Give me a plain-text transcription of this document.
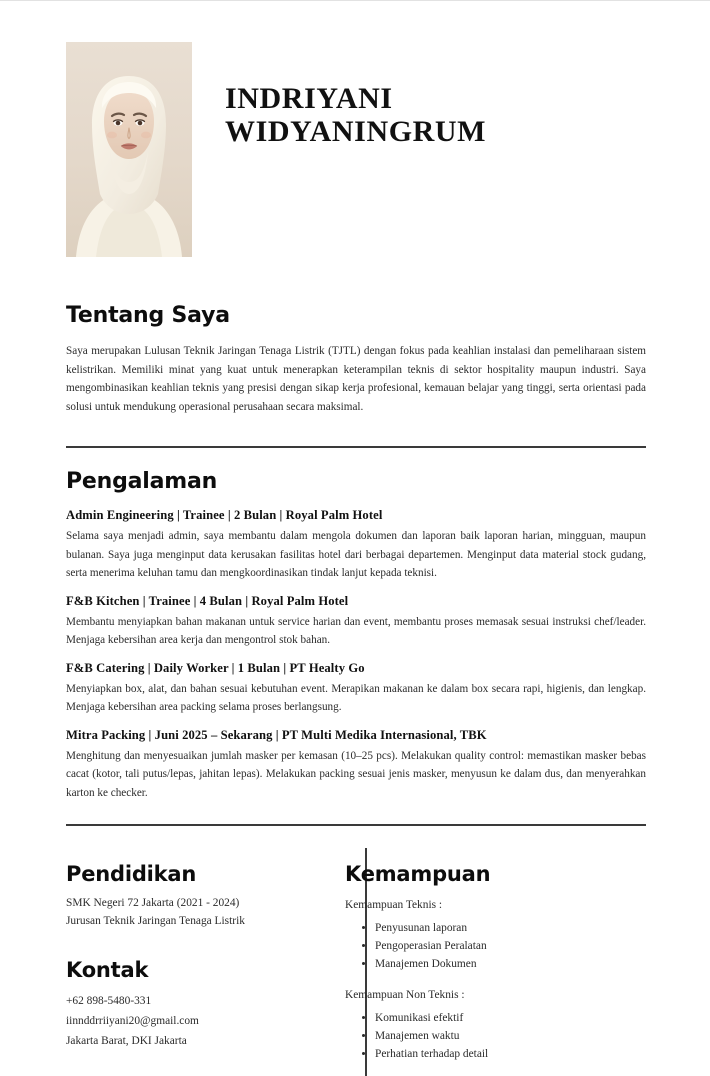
INDRIYANI
WIDYANINGRUM
Tentang Saya

Saya merupakan Lulusan Teknik Jaringan Tenaga Listrik (TJTL) dengan fokus pada keahlian instalasi dan pemeliharaan sistem kelistrikan. Memiliki minat yang kuat untuk menerapkan keterampilan teknis di sektor hospitality maupun industri. Saya mengombinasikan keahlian teknis yang presisi dengan sikap kerja profesional, kemauan belajar yang tinggi, serta orientasi pada solusi untuk mendukung operasional perusahaan secara maksimal.

Pengalaman
Admin Engineering | Trainee | 2 Bulan | Royal Palm Hotel

Selama saya menjadi admin, saya membantu dalam mengola dokumen dan laporan baik laporan harian, mingguan, maupun bulanan. Saya juga menginput data kerusakan fasilitas hotel dari berbagai departemen. Menginput data material stock gudang, serta menerima keluhan tamu dan mengkoordinasikan tindak lanjut kepada teknisi.

F&B Kitchen | Trainee | 4 Bulan | Royal Palm Hotel

Membantu menyiapkan bahan makanan untuk service harian dan event, membantu proses memasak sesuai instruksi chef/leader. Menjaga kebersihan area kerja dan mengontrol stok bahan.

F&B Catering | Daily Worker | 1 Bulan | PT Healty Go

Menyiapkan box, alat, dan bahan sesuai kebutuhan event. Merapikan makanan ke dalam box secara rapi, higienis, dan lengkap. Menjaga kebersihan area packing selama proses berlangsung.

Mitra Packing | Juni 2025 – Sekarang | PT Multi Medika Internasional, TBK

Menghitung dan menyesuaikan jumlah masker per kemasan (10–25 pcs). Melakukan quality control: memastikan masker bebas cacat (kotor, tali putus/lepas, jahitan lepas). Melakukan packing sesuai jenis masker, menyusun ke dalam dus, dan menyerahkan karton ke checker.

Pendidikan
SMK Negeri 72 Jakarta (2021 - 2024)
Jurusan Teknik Jaringan Tenaga Listrik
Kontak
+62 898-5480-331
iinnddrriiyani20@gmail.com
Jakarta Barat, DKI Jakarta
Kemampuan
Kemampuan Teknis :
• Penyusunan laporan
• Pengoperasian Peralatan
• Manajemen Dokumen
Kemampuan Non Teknis :
• Komunikasi efektif
• Manajemen waktu
• Perhatian terhadap detail
